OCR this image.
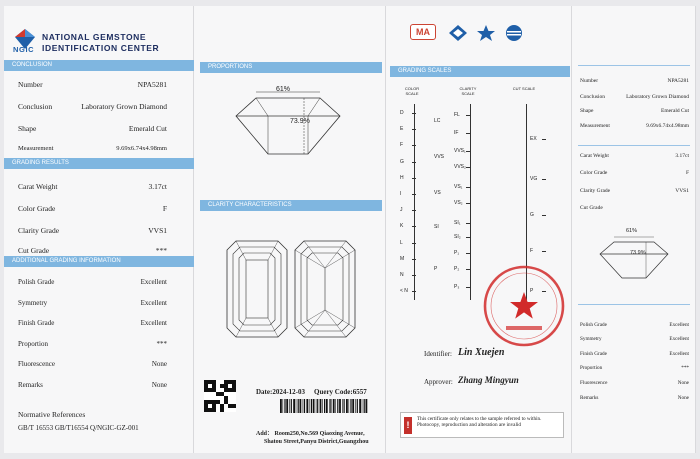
NGIC
NATIONAL GEMSTONE
IDENTIFICATION CENTER
CONCLUSION
Number	NPA5281
Conclusion	Laboratory Grown Diamond
Shape	Emerald Cut
Measurement	9.69x6.74x4.98mm
GRADING RESULTS
Carat Weight	3.17ct
Color Grade	F
Clarity Grade	VVS1
Cut Grade	***
ADDITIONAL GRADING INFORMATION
Polish Grade	Excellent
Symmetry	Excellent
Finish Grade	Excellent
Proportion	***
Fluorescence	None
Remarks	None
Normative References
GB/T 16553 GB/T16554 Q/NGIC-GZ-001
PROPORTIONS
61%
73.9%
CLARITY CHARACTERISTICS
Date:2024-12-03 Query Code:6557
Add： Room250,No.569 Qiaoxing Avenue,
Shatou Street,Panyu District,Guangzhou
MA
GRADING SCALES
COLOR SCALE
CLARITY SCALE
CUT SCALE
D
E
F
G
H
I
J
K
L
M
N
< N
FL
IF
VVS₁
VVS₂
VS₁
VS₂
SI₁
SI₂
P₁
P₂
P₃
LC
VVS
VS
SI
P
EX
VG
G
F
P
Identifier: Lin Xuejen
Approver: Zhang Mingyun
!
This certificate only relates to the sample referred to within. Photocopy, reproduction and alteration are invalid
Number	NPA5281
Conclusion	Laboratory Grown Diamond
Shape	Emerald Cut
Measurement	9.69x6.74x4.98mm
Carat Weight	3.17ct
Color Grade	F
Clarity Grade	VVS1
Cut Grade
61%
73.9%
Polish Grade	Excellent
Symmetry	Excellent
Finish Grade	Excellent
Proportion	***
Fluorescence	None
Remarks	None
